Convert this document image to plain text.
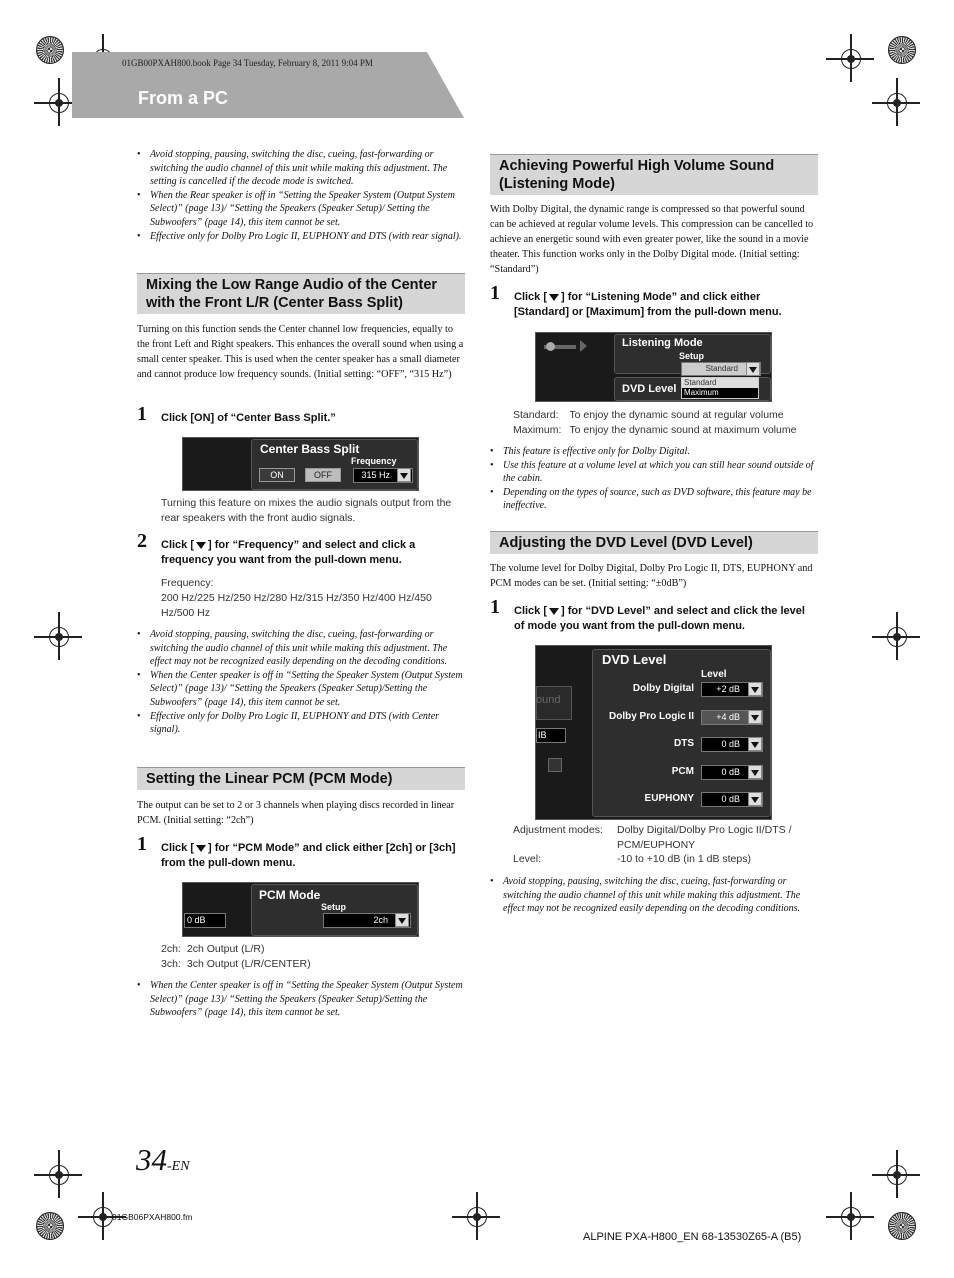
01GB00PXAH800.book Page 34 Tuesday, February 8, 2011 9:04 PM
From a PC
• Avoid stopping, pausing, switching the disc, cueing, fast-forwarding or switching the audio channel of this unit while making this adjustment. The setting is cancelled if the decode mode is switched.
• When the Rear speaker is off in “Setting the Speaker System (Output System Select)” (page 13)/ “Setting the Speakers (Speaker Setup)/ Setting the Subwoofers” (page 14), this item cannot be set.
• Effective only for Dolby Pro Logic II, EUPHONY and DTS (with rear signal).
Mixing the Low Range Audio of the Center with the Front L/R (Center Bass Split)
Turning on this function sends the Center channel low frequencies, equally to the front Left and Right speakers. This enhances the overall sound when using a small center speaker. This is used when the center speaker has a small diameter and cannot produce low frequency sounds. (Initial setting: “OFF”, “315 Hz”)
1 Click [ON] of “Center Bass Split.”
Center Bass Split
ON	OFF
Frequency
315 Hz
Turning this feature on mixes the audio signals output from the rear speakers with the front audio signals.
2 Click [ ] for “Frequency” and select and click a frequency you want from the pull-down menu.
Frequency:
200 Hz/225 Hz/250 Hz/280 Hz/315 Hz/350 Hz/400 Hz/450 Hz/500 Hz
• Avoid stopping, pausing, switching the disc, cueing, fast-forwarding or switching the audio channel of this unit while making this adjustment. The effect may not be recognized easily depending on the decoding conditions.
• When the Center speaker is off in “Setting the Speaker System (Output System Select)” (page 13)/ “Setting the Speakers (Speaker Setup)/Setting the Subwoofers” (page 14), this item cannot be set.
• Effective only for Dolby Pro Logic II, EUPHONY and DTS (with Center signal).
Setting the Linear PCM (PCM Mode)
The output can be set to 2 or 3 channels when playing discs recorded in linear PCM. (Initial setting: “2ch”)
1 Click [ ] for “PCM Mode” and click either [2ch] or [3ch] from the pull-down menu.
0 dB
PCM Mode
Setup
2ch
2ch:	2ch Output (L/R)
3ch:	3ch Output (L/R/CENTER)
• When the Center speaker is off in “Setting the Speaker System (Output System Select)” (page 13)/ “Setting the Speakers (Speaker Setup)/Setting the Subwoofers” (page 14), this item cannot be set.
Achieving Powerful High Volume Sound (Listening Mode)
With Dolby Digital, the dynamic range is compressed so that powerful sound can be achieved at regular volume levels. This compression can be cancelled to achieve an energetic sound with even greater power, like the sound in a movie theater. This function works only in the Dolby Digital mode. (Initial setting: “Standard”)
1 Click [ ] for “Listening Mode” and click either [Standard] or [Maximum] from the pull-down menu.
Listening Mode
Setup
Standard
DVD Level
Standard
Maximum
Standard:	To enjoy the dynamic sound at regular volume
Maximum:	To enjoy the dynamic sound at maximum volume
• This feature is effective only for Dolby Digital.
• Use this feature at a volume level at which you can still hear sound outside of the cabin.
• Depending on the types of source, such as DVD software, this feature may be ineffective.
Adjusting the DVD Level (DVD Level)
The volume level for Dolby Digital, Dolby Pro Logic II, DTS, EUPHONY and PCM modes can be set. (Initial setting: “±0dB”)
1 Click [ ] for “DVD Level” and select and click the level of mode you want from the pull-down menu.
ound
IB
DVD Level
Level
Dolby Digital	+2 dB
Dolby Pro Logic II	+4 dB
DTS	0 dB
PCM	0 dB
EUPHONY	0 dB
Adjustment modes:	Dolby Digital/Dolby Pro Logic II/DTS / PCM/EUPHONY
Level:	-10 to +10 dB (in 1 dB steps)
• Avoid stopping, pausing, switching the disc, cueing, fast-forwarding or switching the audio channel of this unit while making this adjustment. The effect may not be recognized easily depending on the decoding conditions.
34-EN
01GB06PXAH800.fm
ALPINE PXA-H800_EN 68-13530Z65-A (B5)
